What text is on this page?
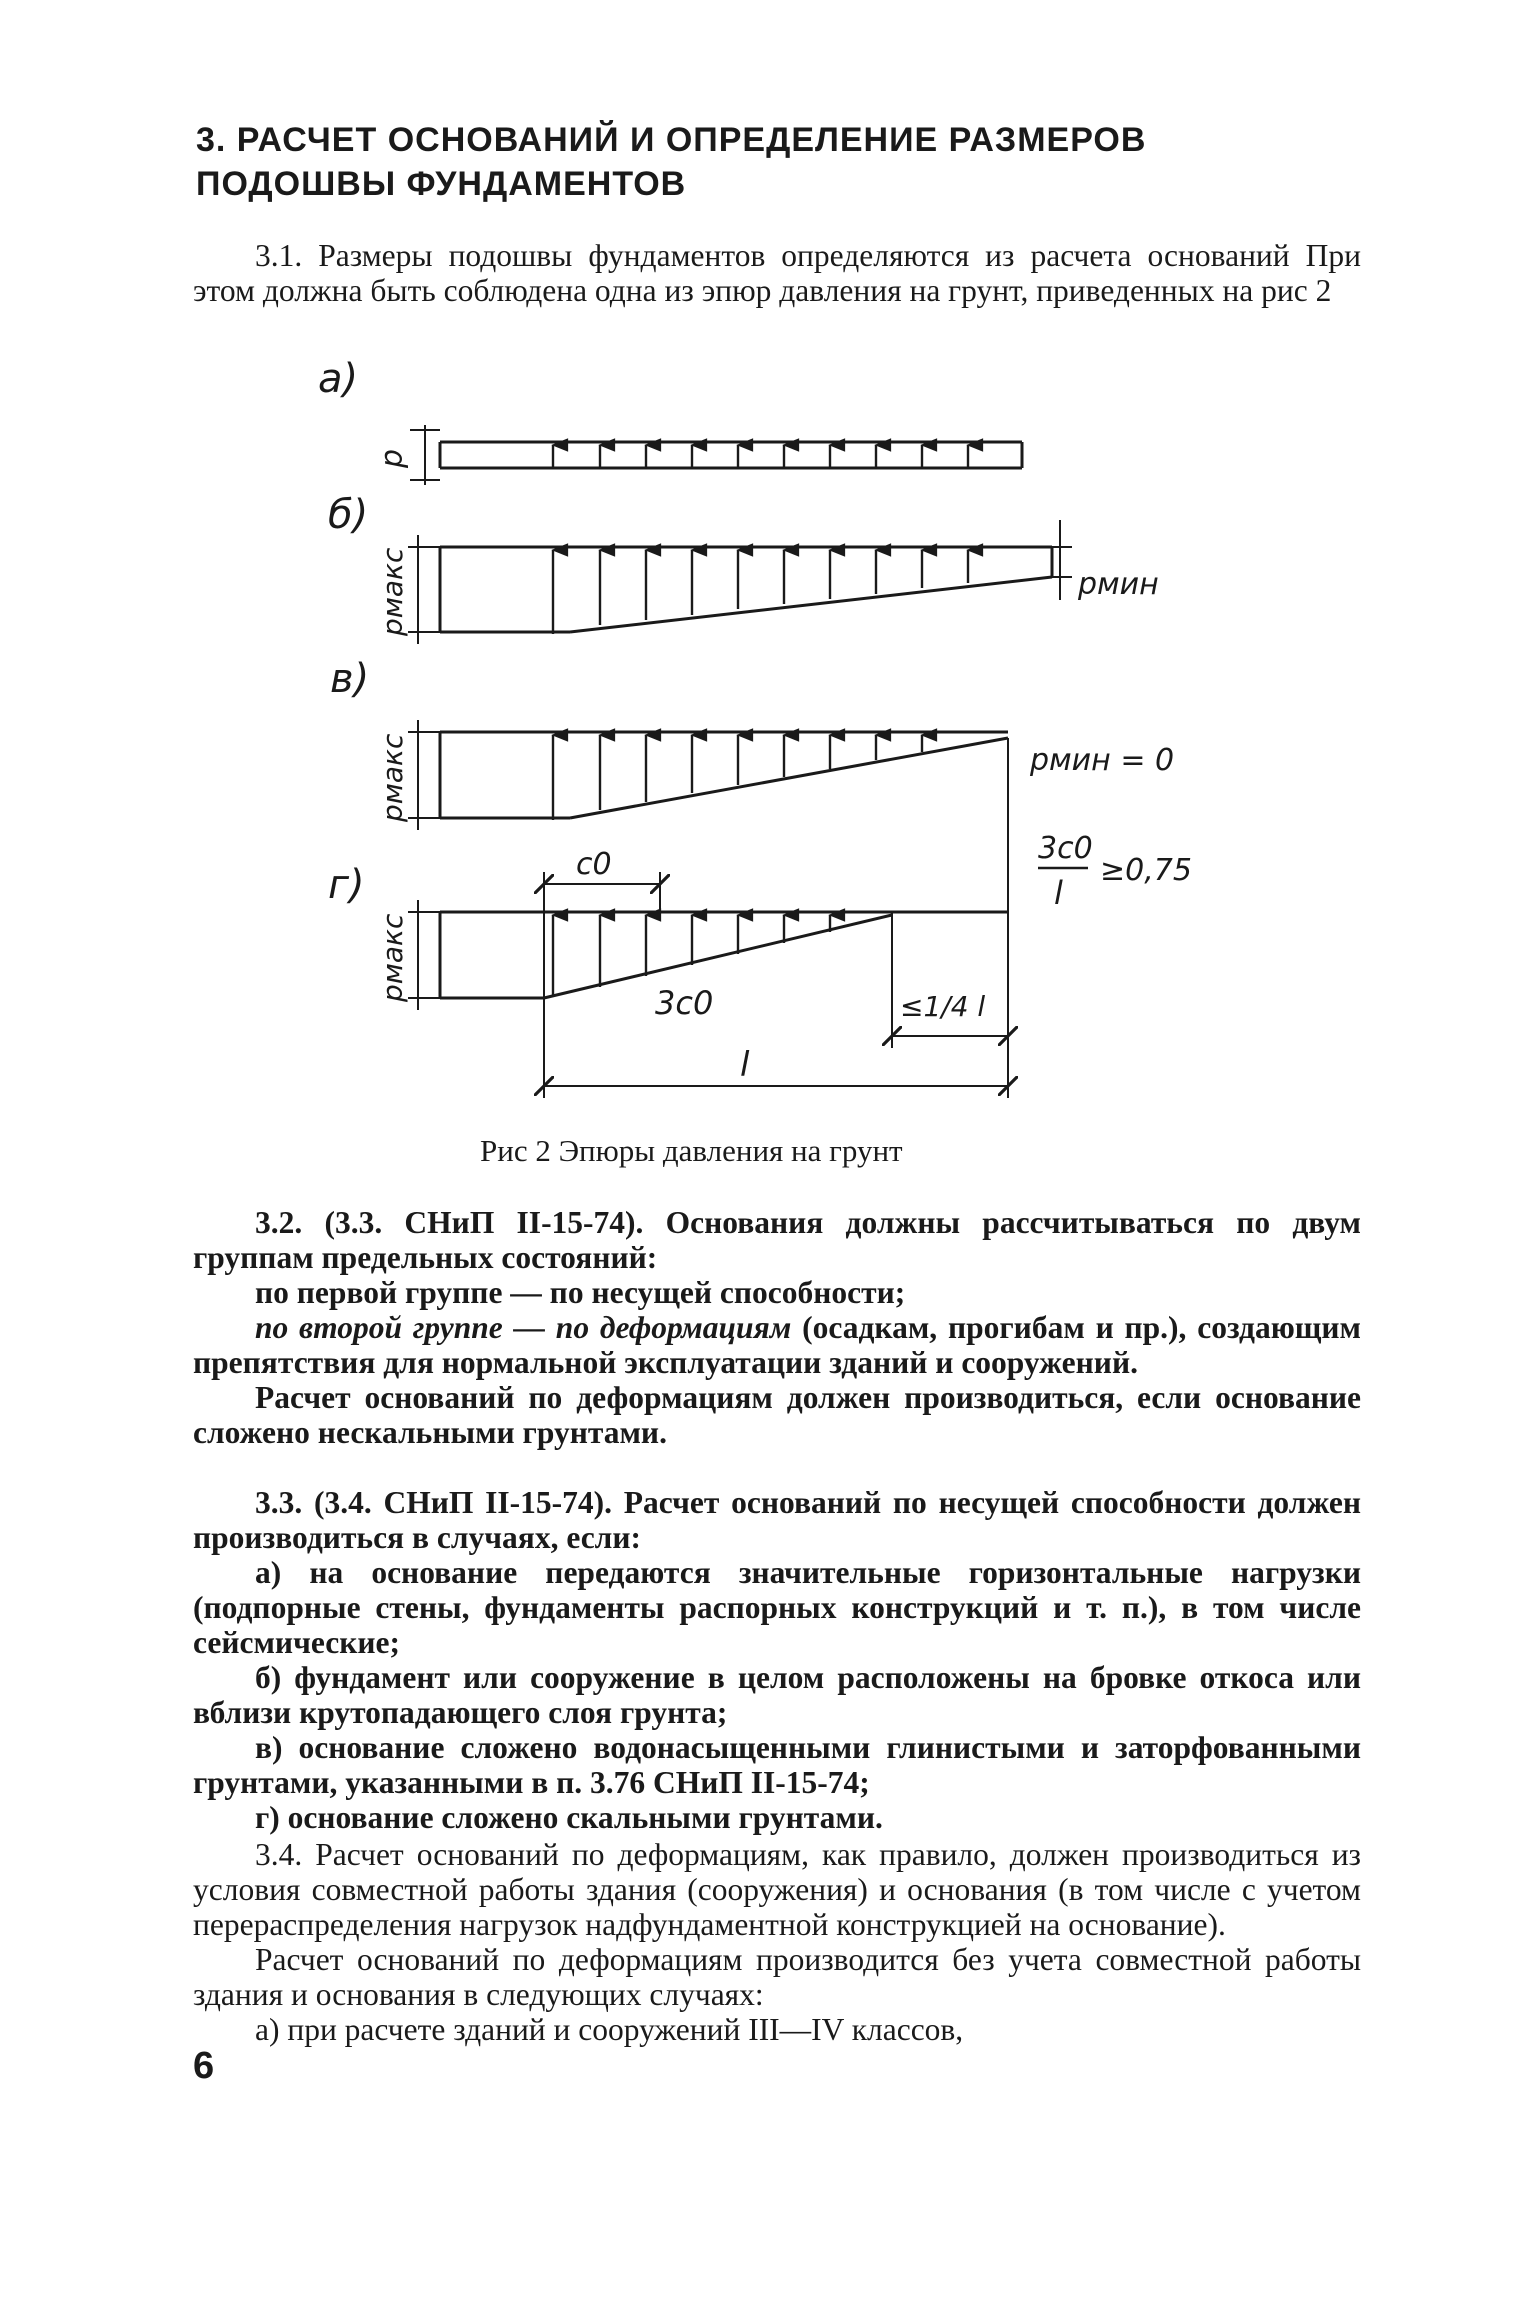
3. РАСЧЕТ ОСНОВАНИЙ И ОПРЕДЕЛЕНИЕ РАЗМЕРОВ
ПОДОШВЫ ФУНДАМЕНТОВ
3.1. Размеры подошвы фундаментов определяются из расчета оснований При этом должна быть соблюдена одна из эпюр давления на грунт, приведенных на рис 2
а)
б)
в)
г)
p
pмакс
pмакс
pмакс
pмин
pмин = 0
3c0
l
≥0,75
c0
3c0	≤1/4 l
l
Рис 2 Эпюры давления на грунт
3.2. (3.3. СНиП II-15-74). Основания должны рассчитываться по двум группам предельных состояний:
по первой группе — по несущей способности;
по второй группе — по деформациям (осадкам, прогибам и пр.), создающим препятствия для нормальной эксплуатации зданий и сооружений.
Расчет оснований по деформациям должен производиться, если основание сложено нескальными грунтами.
3.3. (3.4. СНиП II-15-74). Расчет оснований по несущей способности должен производиться в случаях, если:
а) на основание передаются значительные горизонтальные нагрузки (подпорные стены, фундаменты распорных конструкций и т. п.), в том числе сейсмические;
б) фундамент или сооружение в целом расположены на бровке откоса или вблизи крутопадающего слоя грунта;
в) основание сложено водонасыщенными глинистыми и заторфованными грунтами, указанными в п. 3.76 СНиП II-15-74;
г) основание сложено скальными грунтами.
3.4. Расчет оснований по деформациям, как правило, должен производиться из условия совместной работы здания (сооружения) и основания (в том числе с учетом перераспределения нагрузок надфундаментной конструкцией на основание).
Расчет оснований по деформациям производится без учета совместной работы здания и основания в следующих случаях:
а) при расчете зданий и сооружений III—IV классов,
6
